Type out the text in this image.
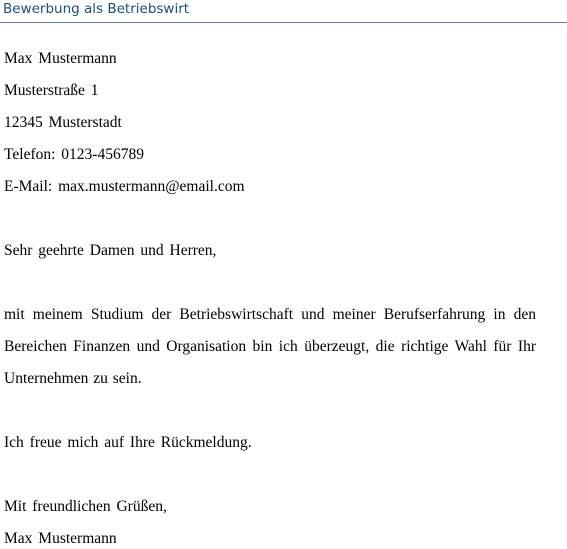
Bewerbung als Betriebswirt
Max Mustermann
Musterstraße 1
12345 Musterstadt
Telefon: 0123-456789
E-Mail: max.mustermann@email.com
Sehr geehrte Damen und Herren,
mit meinem Studium der Betriebswirtschaft und meiner Berufserfahrung in den Bereichen Finanzen und Organisation bin ich überzeugt, die richtige Wahl für Ihr Unternehmen zu sein.
Ich freue mich auf Ihre Rückmeldung.
Mit freundlichen Grüßen,
Max Mustermann
